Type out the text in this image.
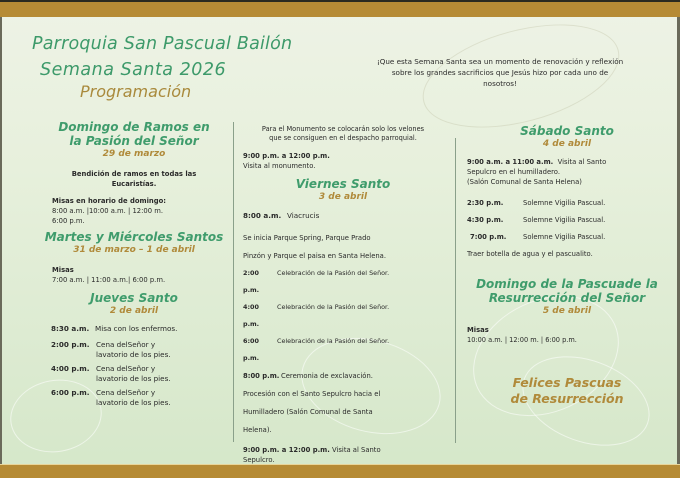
Parroquia San Pascual Bailón
Semana Santa 2026
Programación
¡Que esta Semana Santa sea un momento de renovación y reflexión
sobre los grandes sacrificios que Jesús hizo por cada uno de
nosotros!
Domingo de Ramos en
la Pasión del Señor
29 de marzo
Bendición de ramos en todas las
Eucaristías.
Misas en horario de domingo:
8:00 a.m. |10:00 a.m. | 12:00 m.
6:00 p.m.
Martes y Miércoles Santos
31 de marzo – 1 de abril
Misas
7:00 a.m. | 11:00 a.m.| 6:00 p.m.
Jueves Santo
2 de abril
8:30 a.m. Misa con los enfermos.
2:00 p.m. Cena delSeñor y
lavatorio de los pies.
4:00 p.m. Cena delSeñor y
lavatorio de los pies.
6:00 p.m. Cena delSeñor y
lavatorio de los pies.
Para el Monumento se colocarán solo los velones
que se consiguen en el despacho parroquial.
9:00 p.m. a 12:00 p.m.
Visita al monumento.
Viernes Santo
3 de abril
8:00 a.m. Viacrucis
Se inicia Parque Spring, Parque Prado
Pinzón y Parque el paisa en Santa Helena.
2:00 p.m.
Celebración de la Pasión del Señor.
4:00 p.m.
Celebración de la Pasión del Señor.
6:00 p.m.
Celebración de la Pasión del Señor.
8:00 p.m. Ceremonia de exclavación.
Procesión con el Santo Sepulcro hacia el
Humilladero (Salón Comunal de Santa
Helena).
9:00 p.m. a 12:00 p.m. Visita al Santo
Sepulcro.
Sábado Santo
4 de abril
9:00 a.m. a 11:00 a.m. Visita al Santo
Sepulcro en el humilladero.
(Salón Comunal de Santa Helena)
2:30 p.m.	Solemne Vigilia Pascual.
4:30 p.m.	Solemne Vigilia Pascual.
7:00 p.m.	Solemne Vigilia Pascual.
Traer botella de agua y el pascualito.
Domingo de la Pascuade la
Resurrección del Señor
5 de abril
Misas
10:00 a.m. | 12:00 m. | 6:00 p.m.
Felices Pascuas
de Resurrección
